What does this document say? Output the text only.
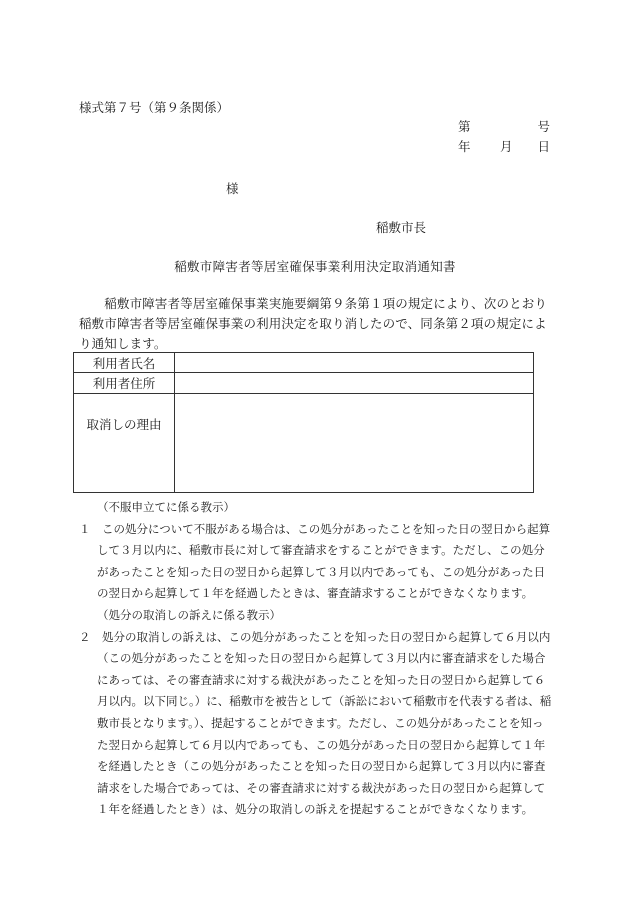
様式第７号（第９条関係）
第	号
年 月 日
様
稲敷市長
稲敷市障害者等居室確保事業利用決定取消通知書

　　稲敷市障害者等居室確保事業実施要綱第９条第１項の規定により、次のとおり稲敷市障害者等居室確保事業の利用決定を取り消したので、同条第２項の規定により通知します。

利用者氏名	
利用者住所	
取消しの理由	

（不服申立てに係る教示）

１　この処分について不服がある場合は、この処分があったことを知った日の翌日から起算して３月以内に、稲敷市長に対して審査請求をすることができます。ただし、この処分があったことを知った日の翌日から起算して３月以内であっても、この処分があった日の翌日から起算して１年を経過したときは、審査請求することができなくなります。

（処分の取消しの訴えに係る教示）

２　処分の取消しの訴えは、この処分があったことを知った日の翌日から起算して６月以内（この処分があったことを知った日の翌日から起算して３月以内に審査請求をした場合にあっては、その審査請求に対する裁決があったことを知った日の翌日から起算して６月以内。以下同じ。）に、稲敷市を被告として（訴訟において稲敷市を代表する者は、稲敷市長となります。）、提起することができます。ただし、この処分があったことを知った翌日から起算して６月以内であっても、この処分があった日の翌日から起算して１年を経過したとき（この処分があったことを知った日の翌日から起算して３月以内に審査請求をした場合であっては、その審査請求に対する裁決があった日の翌日から起算して１年を経過したとき）は、処分の取消しの訴えを提起することができなくなります。
